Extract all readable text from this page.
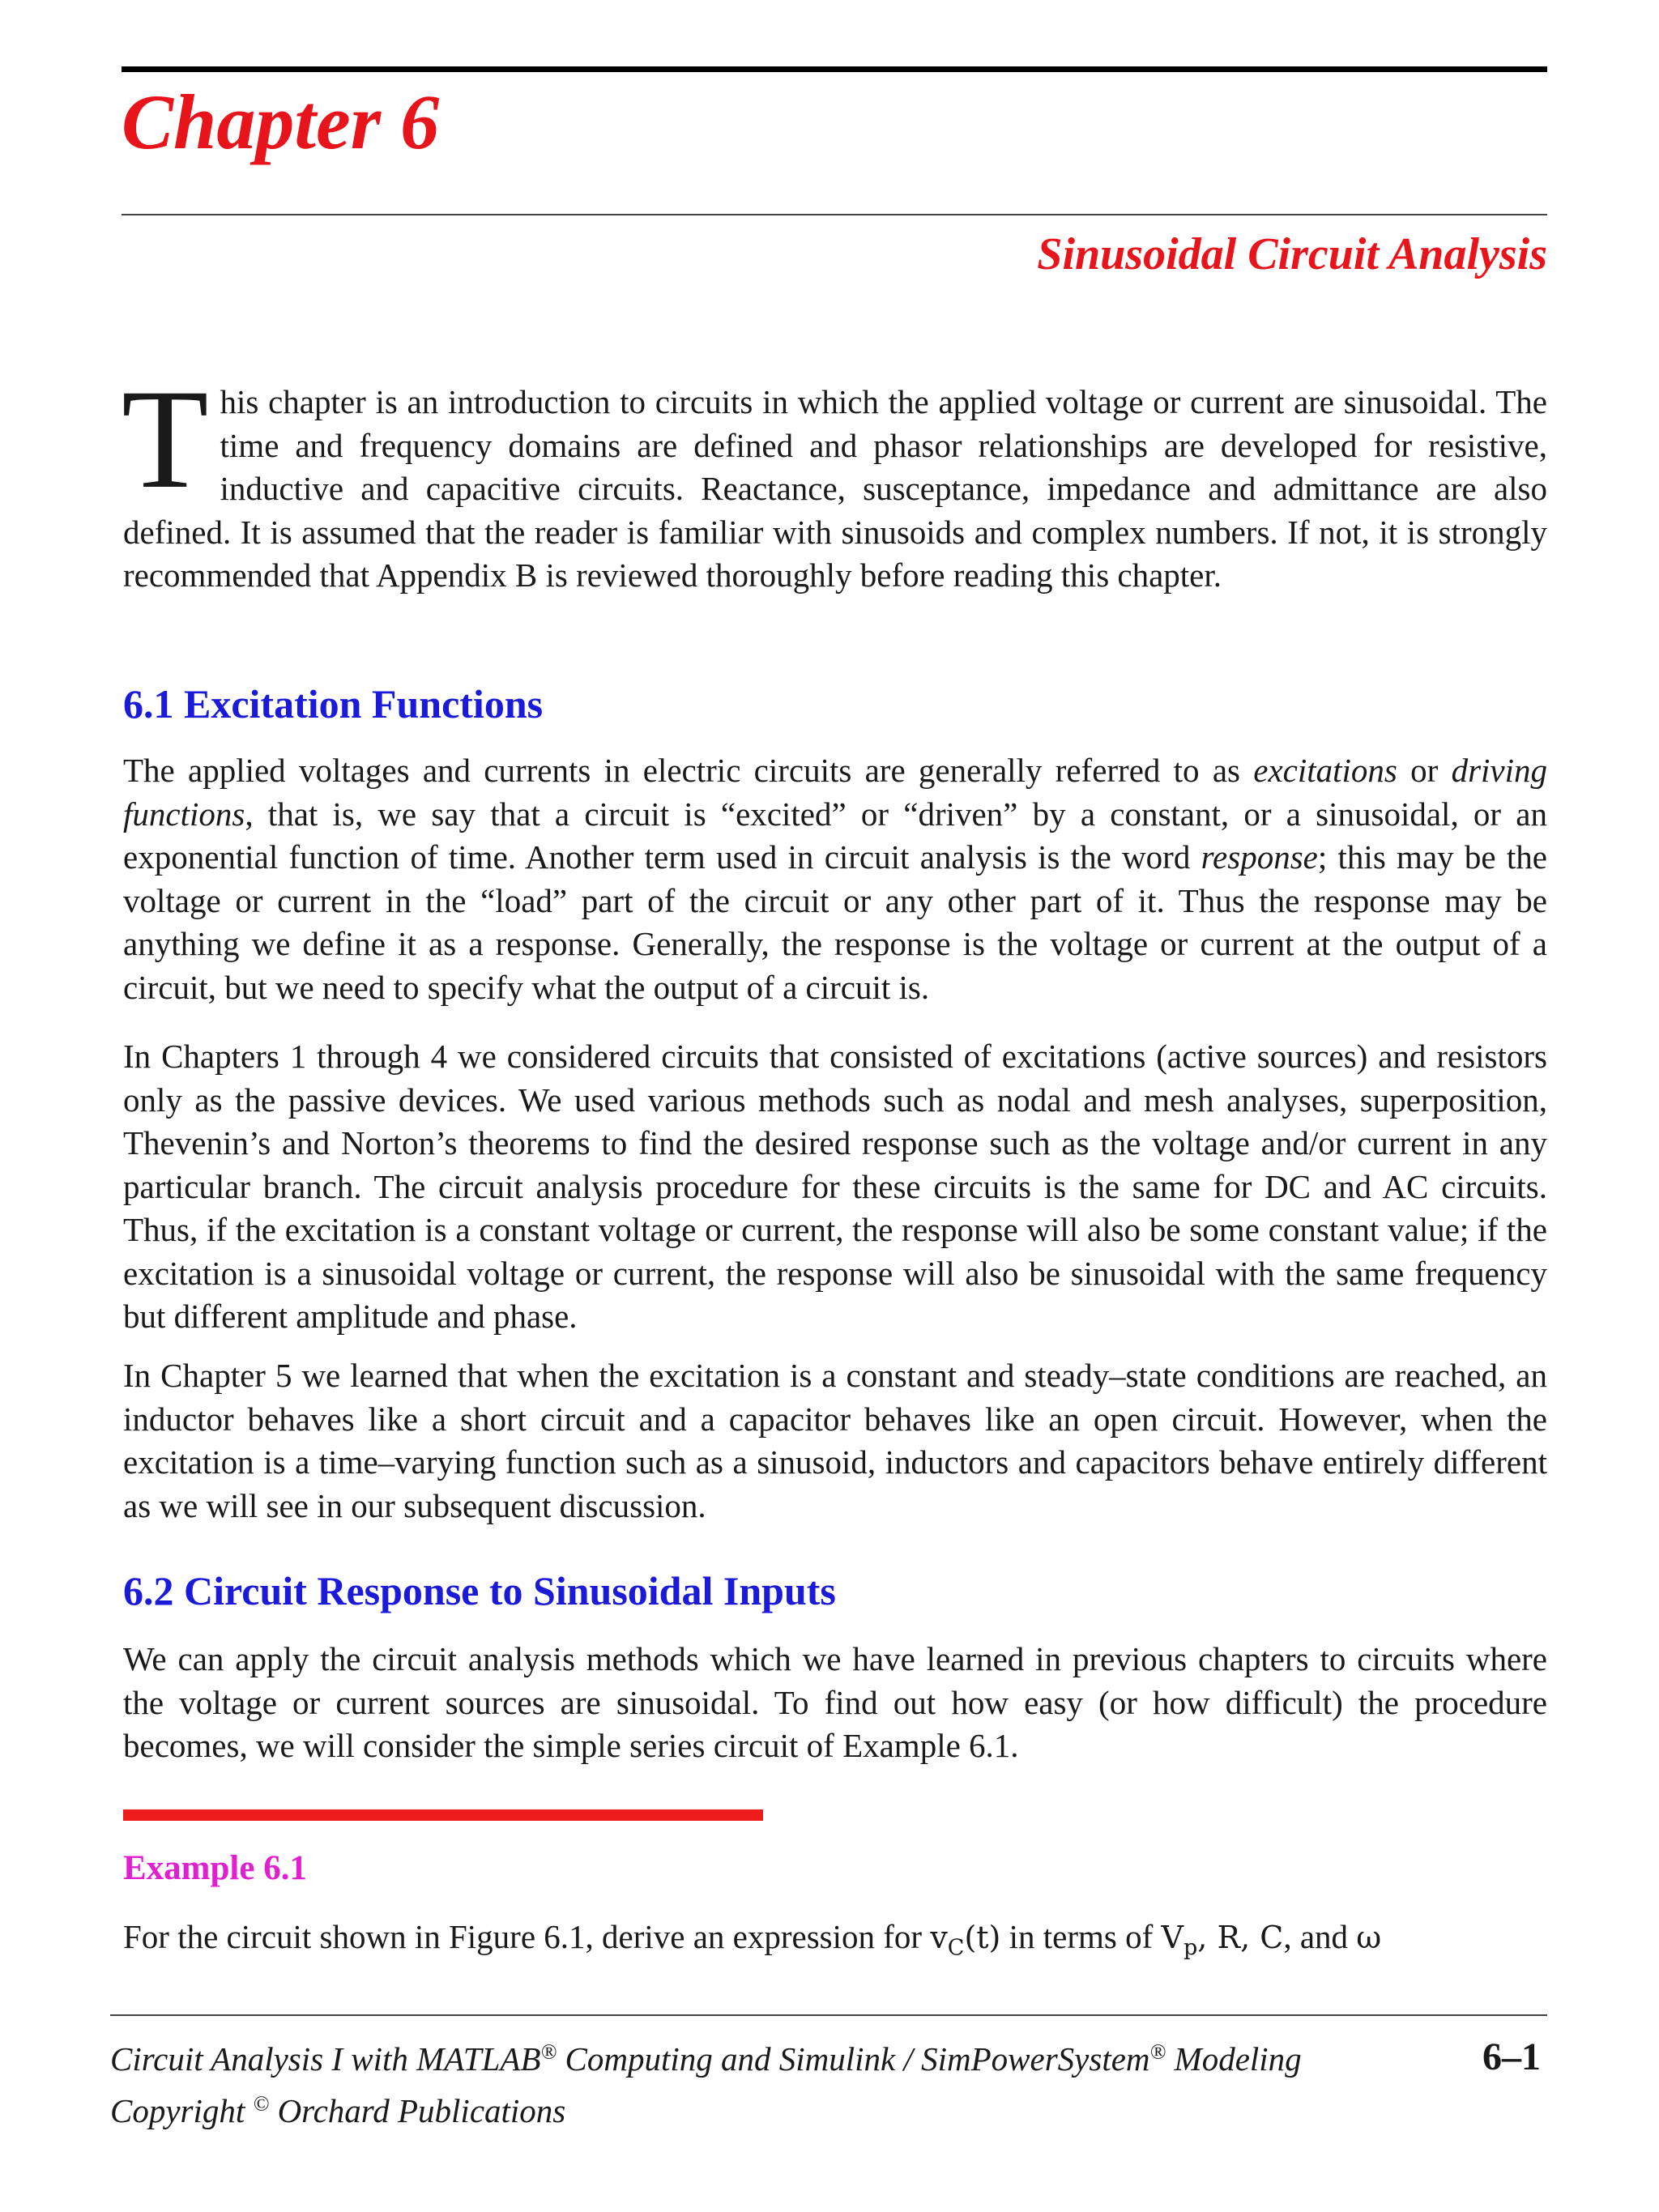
Chapter 6
Sinusoidal Circuit Analysis
This chapter is an introduction to circuits in which the applied voltage or current are sinusoidal. The time and frequency domains are defined and phasor relationships are developed for resistive, inductive and capacitive circuits. Reactance, susceptance, impedance and admittance are also defined. It is assumed that the reader is familiar with sinusoids and complex numbers. If not, it is strongly recommended that Appendix B is reviewed thoroughly before reading this chapter.
6.1 Excitation Functions
The applied voltages and currents in electric circuits are generally referred to as excitations or driving functions, that is, we say that a circuit is “excited” or “driven” by a constant, or a sinusoidal, or an exponential function of time. Another term used in circuit analysis is the word response; this may be the voltage or current in the “load” part of the circuit or any other part of it. Thus the response may be anything we define it as a response. Generally, the response is the voltage or current at the output of a circuit, but we need to specify what the output of a circuit is.
In Chapters 1 through 4 we considered circuits that consisted of excitations (active sources) and resistors only as the passive devices. We used various methods such as nodal and mesh analyses, superposition, Thevenin’s and Norton’s theorems to find the desired response such as the voltage and/or current in any particular branch. The circuit analysis procedure for these circuits is the same for DC and AC circuits. Thus, if the excitation is a constant voltage or current, the response will also be some constant value; if the excitation is a sinusoidal voltage or current, the response will also be sinusoidal with the same frequency but different amplitude and phase.
In Chapter 5 we learned that when the excitation is a constant and steady–state conditions are reached, an inductor behaves like a short circuit and a capacitor behaves like an open circuit. However, when the excitation is a time–varying function such as a sinusoid, inductors and capacitors behave entirely different as we will see in our subsequent discussion.
6.2 Circuit Response to Sinusoidal Inputs
We can apply the circuit analysis methods which we have learned in previous chapters to circuits where the voltage or current sources are sinusoidal. To find out how easy (or how difficult) the procedure becomes, we will consider the simple series circuit of Example 6.1.
Example 6.1
For the circuit shown in Figure 6.1, derive an expression for $v_C(t)$ in terms of $V_p$, R, C, and ω
Circuit Analysis I with MATLAB® Computing and Simulink / SimPowerSystem® Modeling
Copyright © Orchard Publications
6–1
